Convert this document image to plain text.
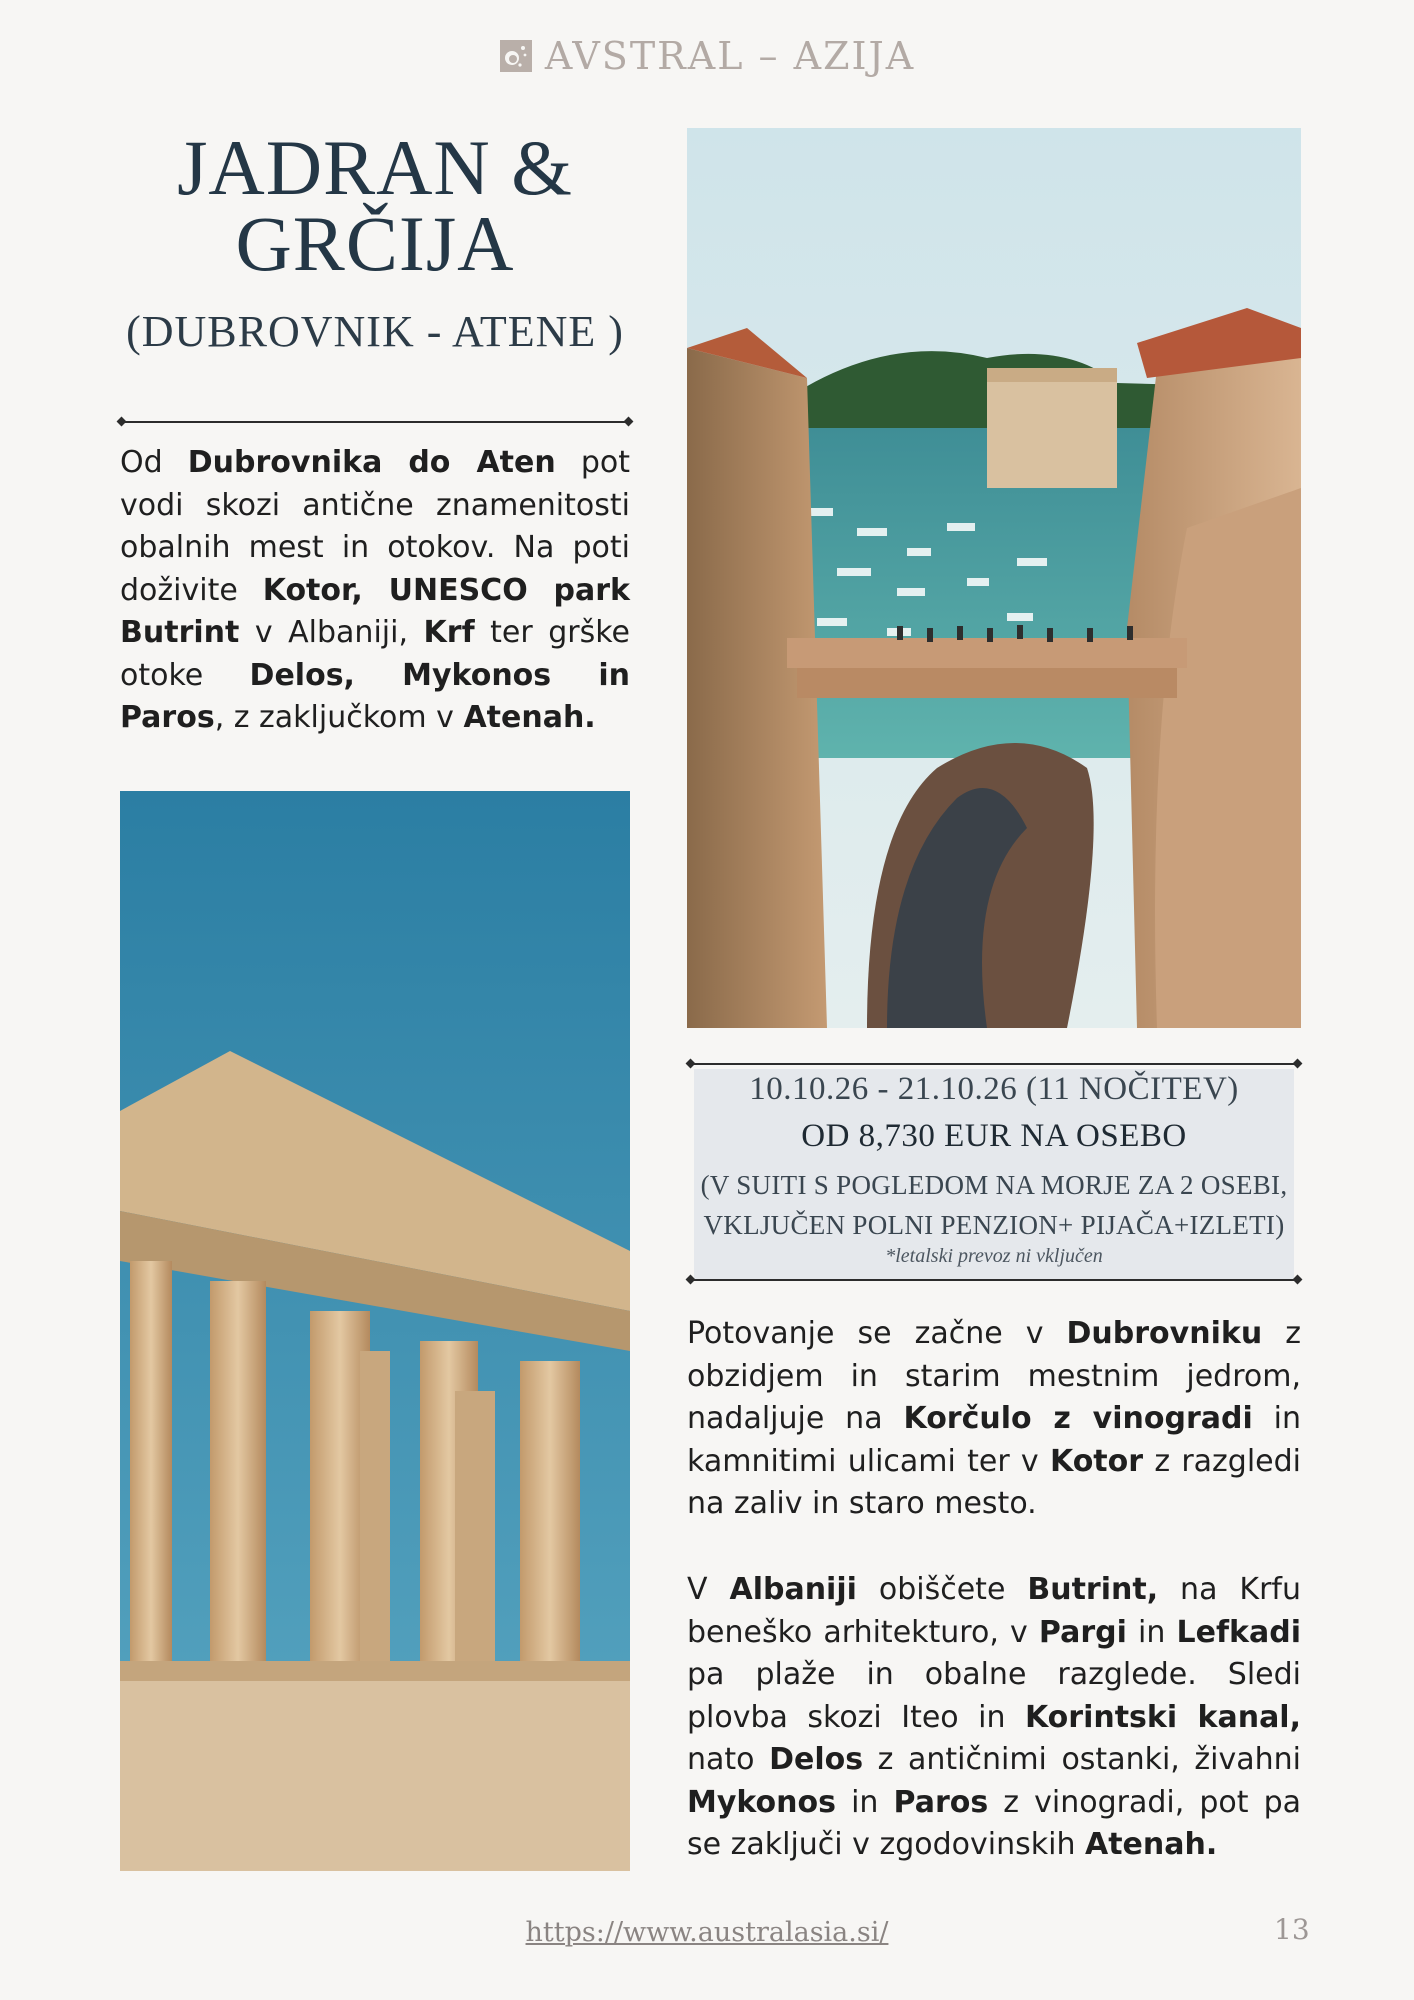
AVSTRAL – AZIJA
JADRAN &
GRČIJA
(DUBROVNIK - ATENE )
Od Dubrovnika do Aten pot vodi skozi antične znamenitosti obalnih mest in otokov. Na poti doživite Kotor, UNESCO park Butrint v Albaniji, Krf ter grške otoke Delos, Mykonos in Paros, z zaključkom v Atenah.
10.10.26 - 21.10.26 (11 NOČITEV)
OD 8,730 EUR NA OSEBO
(V SUITI S POGLEDOM NA MORJE ZA 2 OSEBI,
VKLJUČEN POLNI PENZION+ PIJAČA+IZLETI)
*letalski prevoz ni vključen
Potovanje se začne v Dubrovniku z obzidjem in starim mestnim jedrom, nadaljuje na Korčulo z vinogradi in kamnitimi ulicami ter v Kotor z razgledi na zaliv in staro mesto.
V Albaniji obiščete Butrint, na Krfu beneško arhitekturo, v Pargi in Lefkadi pa plaže in obalne razglede. Sledi plovba skozi Iteo in Korintski kanal, nato Delos z antičnimi ostanki, živahni Mykonos in Paros z vinogradi, pot pa se zaključi v zgodovinskih Atenah.
https://www.australasia.si/	13
